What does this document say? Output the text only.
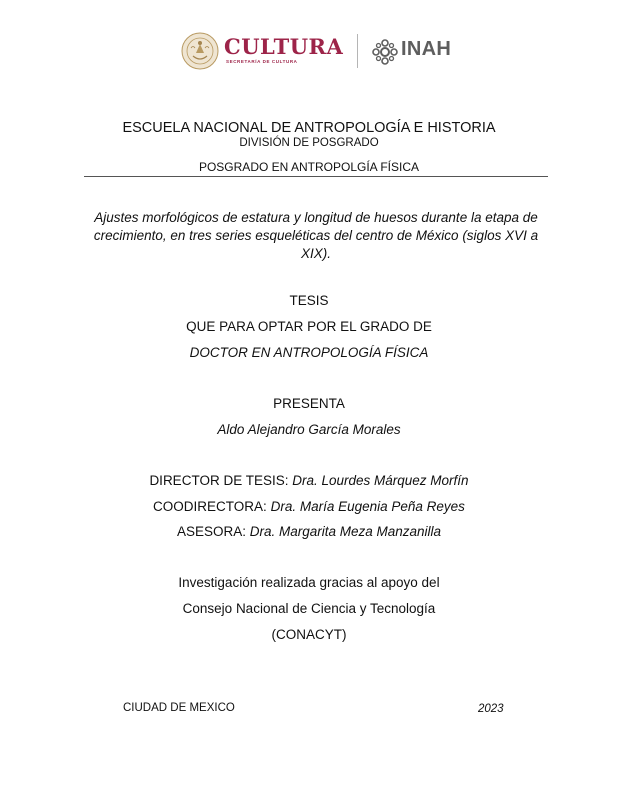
CULTURA
SECRETARÍA DE CULTURA
INAH
ESCUELA NACIONAL DE ANTROPOLOGÍA E HISTORIA
DIVISIÓN DE POSGRADO
POSGRADO EN ANTROPOLGÍA FÍSICA
Ajustes morfológicos de estatura y longitud de huesos durante la etapa de crecimiento, en tres series esqueléticas del centro de México (siglos XVI a XIX).
TESIS
QUE PARA OPTAR POR EL GRADO DE
DOCTOR EN ANTROPOLOGÍA FÍSICA
PRESENTA
Aldo Alejandro García Morales
DIRECTOR DE TESIS: Dra. Lourdes Márquez Morfín
COODIRECTORA: Dra. María Eugenia Peña Reyes
ASESORA: Dra. Margarita Meza Manzanilla
Investigación realizada gracias al apoyo del
Consejo Nacional de Ciencia y Tecnología
(CONACYT)
CIUDAD DE MEXICO	2023
